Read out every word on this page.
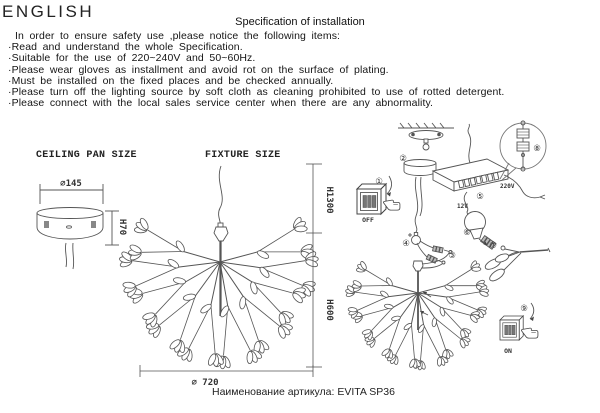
ENGLISH
Specification of installation
In order to ensure safety use ,please notice the following items:
·Read and understand the whole Specification.
·Suitable for the use of 220~240V and 50~60Hz.
·Please wear gloves as installment and avoid rot on the surface of plating.
·Must be installed on the fixed places and be checked annually.
·Please turn off the lighting source by soft cloth as cleaning prohibited to use of rotted detergent.
·Please connect with the local sales service center when there are any abnormality.
CEILING PAN SIZE	FIXTURE SIZE
⌀145
H70
H1300
H600
⌀ 720
①
OFF
②
④
③
⑤
220V
12V
⑧
⑥
⑦
⑨
ON
Наименование артикула: EVITA SP36
